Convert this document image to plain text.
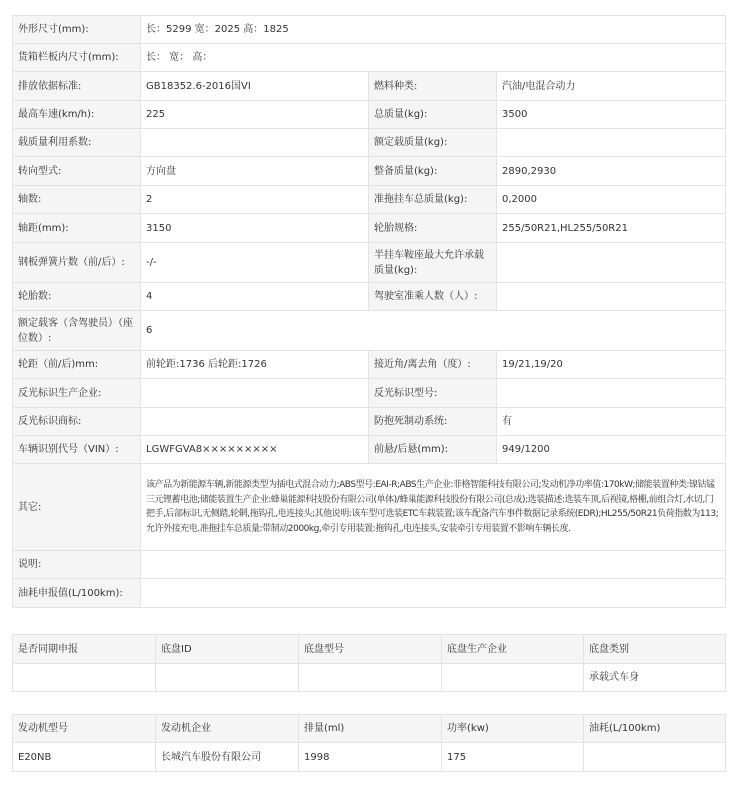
外形尺寸(mm):	长：5299 宽：2025 高：1825		
货箱栏板内尺寸(mm):	长： 宽： 高：		
排放依据标准:	GB18352.6-2016国VI	燃料种类:	汽油/电混合动力
最高车速(km/h):	225	总质量(kg):	3500
载质量利用系数:		额定载质量(kg):	
转向型式:	方向盘	整备质量(kg):	2890,2930
轴数:	2	准拖挂车总质量(kg):	0,2000
轴距(mm):	3150	轮胎规格:	255/50R21,HL255/50R21
钢板弹簧片数（前/后）:	-/-	半挂车鞍座最大允许承载质量(kg):	
轮胎数:	4	驾驶室准乘人数（人）:	
额定载客（含驾驶员）（座位数）:	6		
轮距（前/后)mm:	前轮距:1736 后轮距:1726	接近角/离去角（度）:	19/21,19/20
反光标识生产企业:		反光标识型号:	
反光标识商标:		防抱死制动系统:	有
车辆识别代号（VIN）:	LGWFGVA8×××××××××	前悬/后悬(mm):	949/1200
其它:	该产品为新能源车辆,新能源类型为插电式混合动力;ABS型号:EAI-R;ABS生产企业:菲格智能科技有限公司;发动机净功率值:170kW;储能装置种类:镍钴锰三元锂蓄电池;储能装置生产企业:蜂巢能源科技股份有限公司(单体)/蜂巢能源科技股份有限公司(总成);选装描述:选装车顶,后视镜,格栅,前组合灯,水切,门把手,后部标识,无侧踏,轮辋,拖钩孔,电连接头;其他说明:该车型可选装ETC车载装置;该车配备汽车事件数据记录系统(EDR);HL255/50R21负荷指数为113;允许外接充电.准拖挂车总质量:带制动2000kg,牵引专用装置:拖钩孔,电连接头,安装牵引专用装置不影响车辆长度.		
说明:			
油耗申报值(L/100km):			
是否同期申报	底盘ID	底盘型号	底盘生产企业	底盘类别
				承载式车身
发动机型号	发动机企业	排量(ml)	功率(kw)	油耗(L/100km)
E20NB	长城汽车股份有限公司	1998	175	
